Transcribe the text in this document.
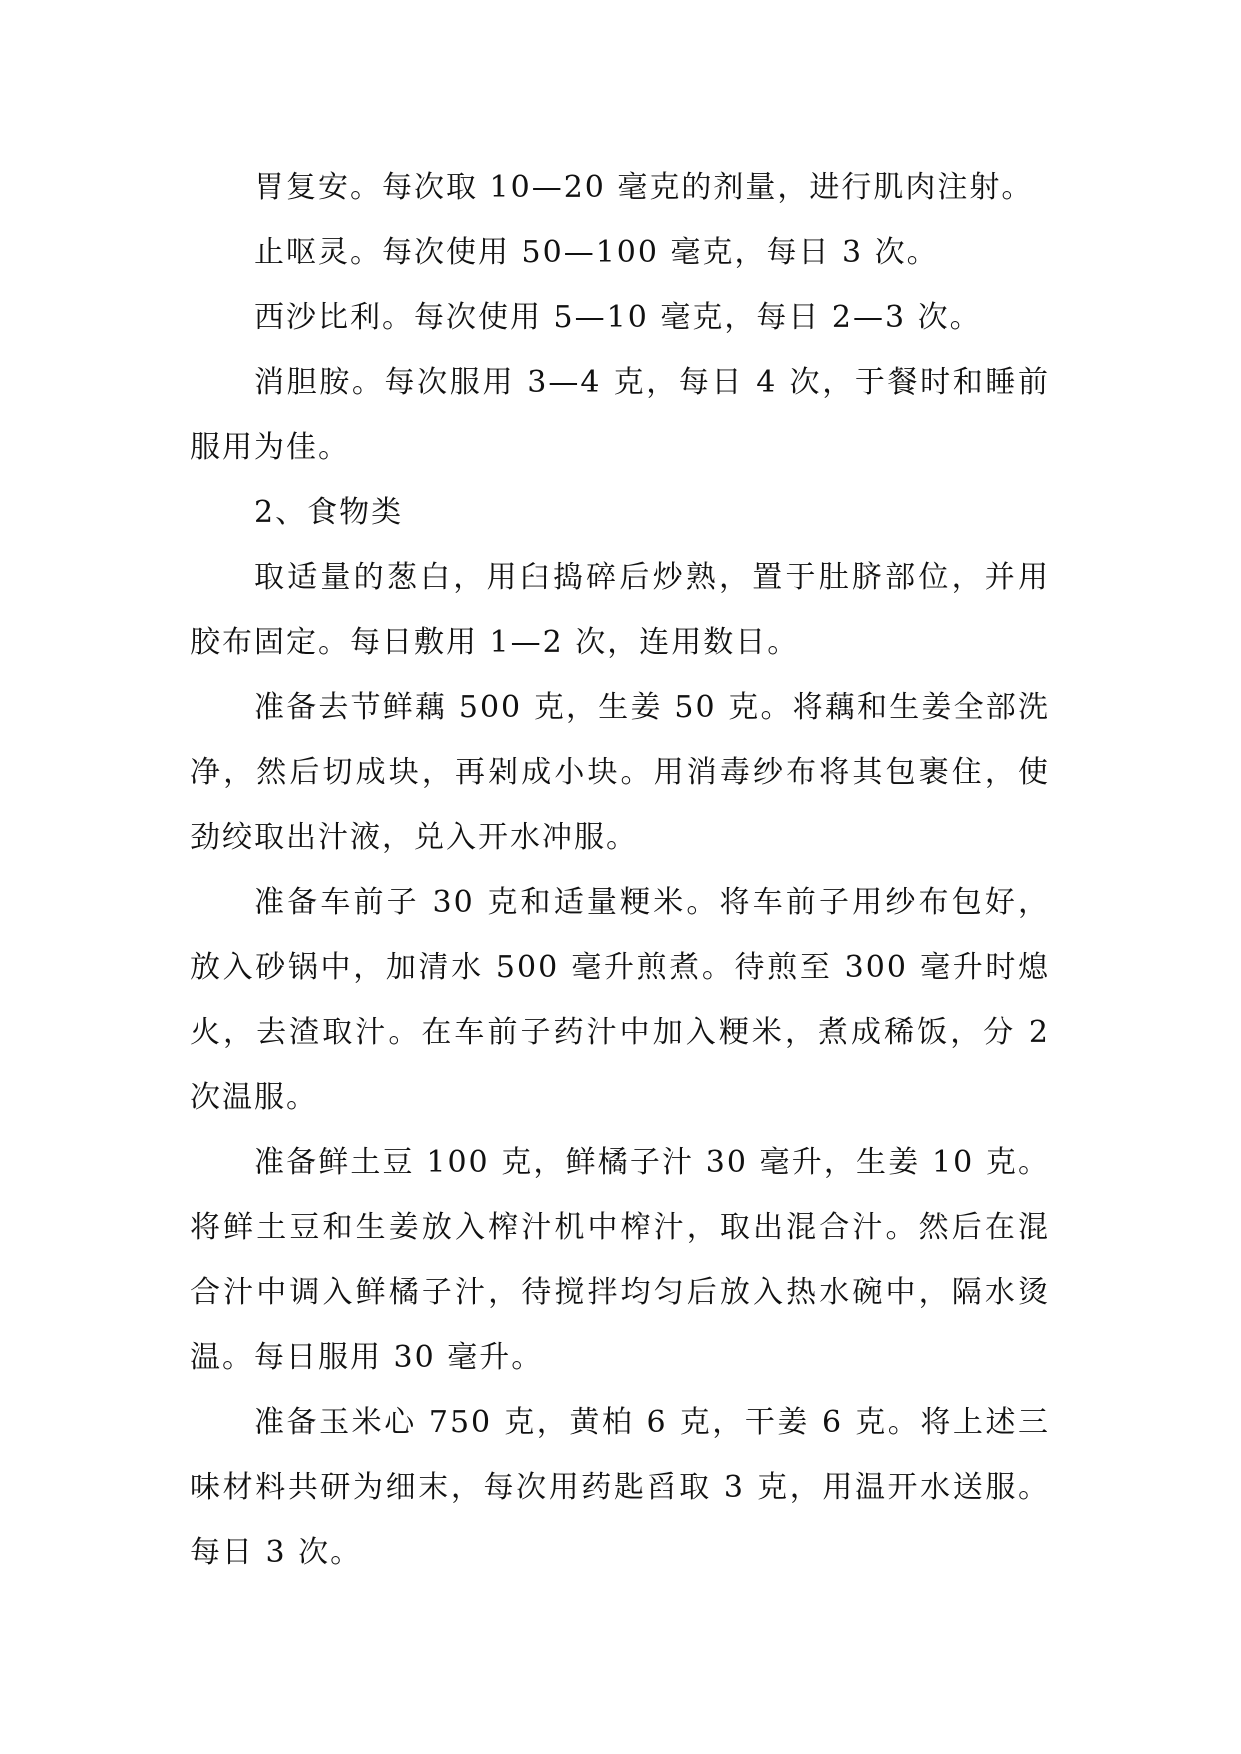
胃复安。每次取 10—20 毫克的剂量，进行肌肉注射。

止呕灵。每次使用 50—100 毫克，每日 3 次。

西沙比利。每次使用 5—10 毫克，每日 2—3 次。

消胆胺。每次服用 3—4 克，每日 4 次，于餐时和睡前服用为佳。

2、食物类

取适量的葱白，用臼捣碎后炒熟，置于肚脐部位，并用胶布固定。每日敷用 1—2 次，连用数日。

准备去节鲜藕 500 克，生姜 50 克。将藕和生姜全部洗净，然后切成块，再剁成小块。用消毒纱布将其包裹住，使劲绞取出汁液，兑入开水冲服。

准备车前子 30 克和适量粳米。将车前子用纱布包好，放入砂锅中，加清水 500 毫升煎煮。待煎至 300 毫升时熄火，去渣取汁。在车前子药汁中加入粳米，煮成稀饭，分 2 次温服。

准备鲜土豆 100 克，鲜橘子汁 30 毫升，生姜 10 克。将鲜土豆和生姜放入榨汁机中榨汁，取出混合汁。然后在混合汁中调入鲜橘子汁，待搅拌均匀后放入热水碗中，隔水烫温。每日服用 30 毫升。

准备玉米心 750 克，黄柏 6 克，干姜 6 克。将上述三味材料共研为细末，每次用药匙舀取 3 克，用温开水送服。每日 3 次。
